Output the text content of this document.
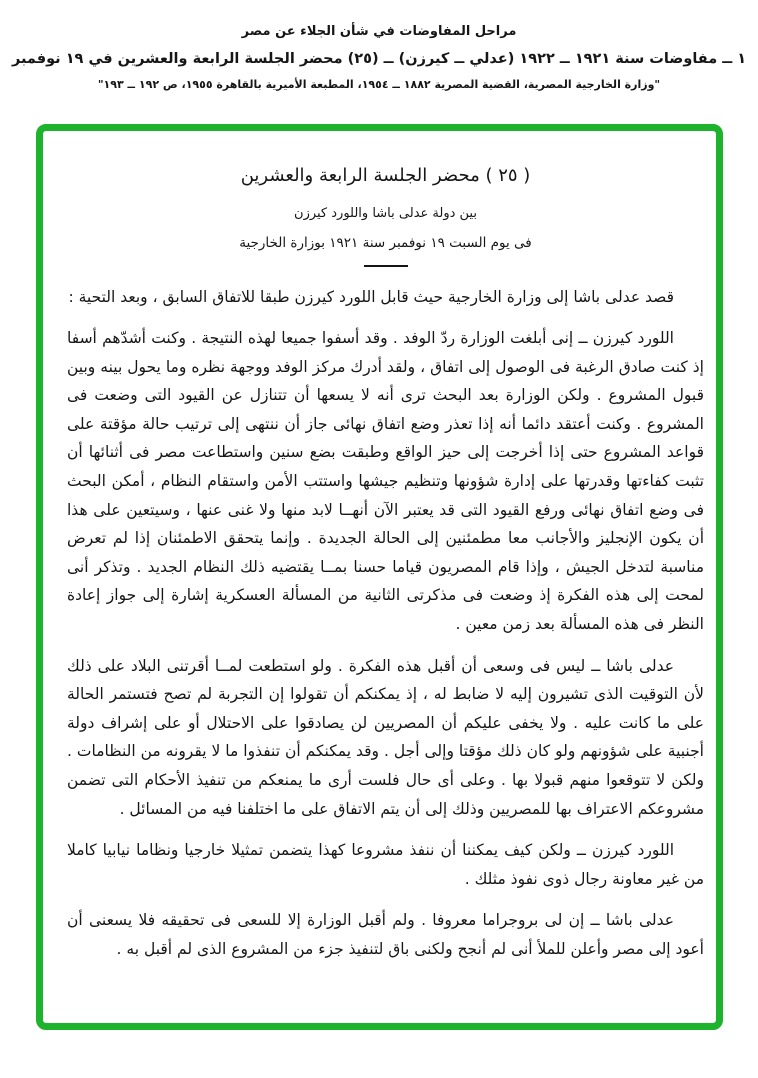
مراحل المفاوضات في شأن الجلاء عن مصر

١ ــ مفاوضات سنة ١٩٢١ ــ ١٩٢٢ (عدلي ــ كيرزن) ــ (٢٥) محضر الجلسة الرابعة والعشرين في ١٩ نوفمبر

"وزارة الخارجية المصرية، القضية المصرية ١٨٨٢ ــ ١٩٥٤، المطبعة الأميرية بالقاهرة ١٩٥٥، ص ١٩٢ ــ ١٩٣"

( ٢٥ ) محضر الجلسة الرابعة والعشرين

بين دولة عدلى باشا واللورد كيرزن

فى يوم السبت ١٩ نوفمبر سنة ١٩٢١ بوزارة الخارجية

قصد عدلى باشا إلى وزارة الخارجية حيث قابل اللورد كيرزن طبقا للاتفاق السابق ، وبعد التحية :

اللورد كيرزن ــ إنى أبلغت الوزارة ردّ الوفد . وقد أسفوا جميعا لهذه النتيجة . وكنت أشدّهم أسفا إذ كنت صادق الرغبة فى الوصول إلى اتفاق ، ولقد أدرك مركز الوفد ووجهة نظره وما يحول بينه وبين قبول المشروع . ولكن الوزارة بعد البحث ترى أنه لا يسعها أن تتنازل عن القيود التى وضعت فى المشروع . وكنت أعتقد دائما أنه إذا تعذر وضع اتفاق نهائى جاز أن ننتهى إلى ترتيب حالة مؤقتة على قواعد المشروع حتى إذا أخرجت إلى حيز الواقع وطبقت بضع سنين واستطاعت مصر فى أثنائها أن تثبت كفاءتها وقدرتها على إدارة شؤونها وتنظيم جيشها واستتب الأمن واستقام النظام ، أمكن البحث فى وضع اتفاق نهائى ورفع القيود التى قد يعتبر الآن أنهــا لابد منها ولا غنى عنها ، وسيتعين على هذا أن يكون الإنجليز والأجانب معا مطمئنين إلى الحالة الجديدة . وإنما يتحقق الاطمئنان إذا لم تعرض مناسبة لتدخل الجيش ، وإذا قام المصريون قياما حسنا بمــا يقتضيه ذلك النظام الجديد . وتذكر أنى لمحت إلى هذه الفكرة إذ وضعت فى مذكرتى الثانية من المسألة العسكرية إشارة إلى جواز إعادة النظر فى هذه المسألة بعد زمن معين .

عدلى باشا ــ ليس فى وسعى أن أقبل هذه الفكرة . ولو استطعت لمــا أقرتنى البلاد على ذلك لأن التوقيت الذى تشيرون إليه لا ضابط له ، إذ يمكنكم أن تقولوا إن التجربة لم تصح فتستمر الحالة على ما كانت عليه . ولا يخفى عليكم أن المصريين لن يصادقوا على الاحتلال أو على إشراف دولة أجنبية على شؤونهم ولو كان ذلك مؤقتا وإلى أجل . وقد يمكنكم أن تنفذوا ما لا يقرونه من النظامات . ولكن لا تتوقعوا منهم قبولا بها . وعلى أى حال فلست أرى ما يمنعكم من تنفيذ الأحكام التى تضمن مشروعكم الاعتراف بها للمصريين وذلك إلى أن يتم الاتفاق على ما اختلفنا فيه من المسائل .

اللورد كيرزن ــ ولكن كيف يمكننا أن ننفذ مشروعا كهذا يتضمن تمثيلا خارجيا ونظاما نيابيا كاملا من غير معاونة رجال ذوى نفوذ مثلك .

عدلى باشا ــ إن لى بروجراما معروفا . ولم أقبل الوزارة إلا للسعى فى تحقيقه فلا يسعنى أن أعود إلى مصر وأعلن للملأ أنى لم أنجح ولكنى باق لتنفيذ جزء من المشروع الذى لم أقبل به .
